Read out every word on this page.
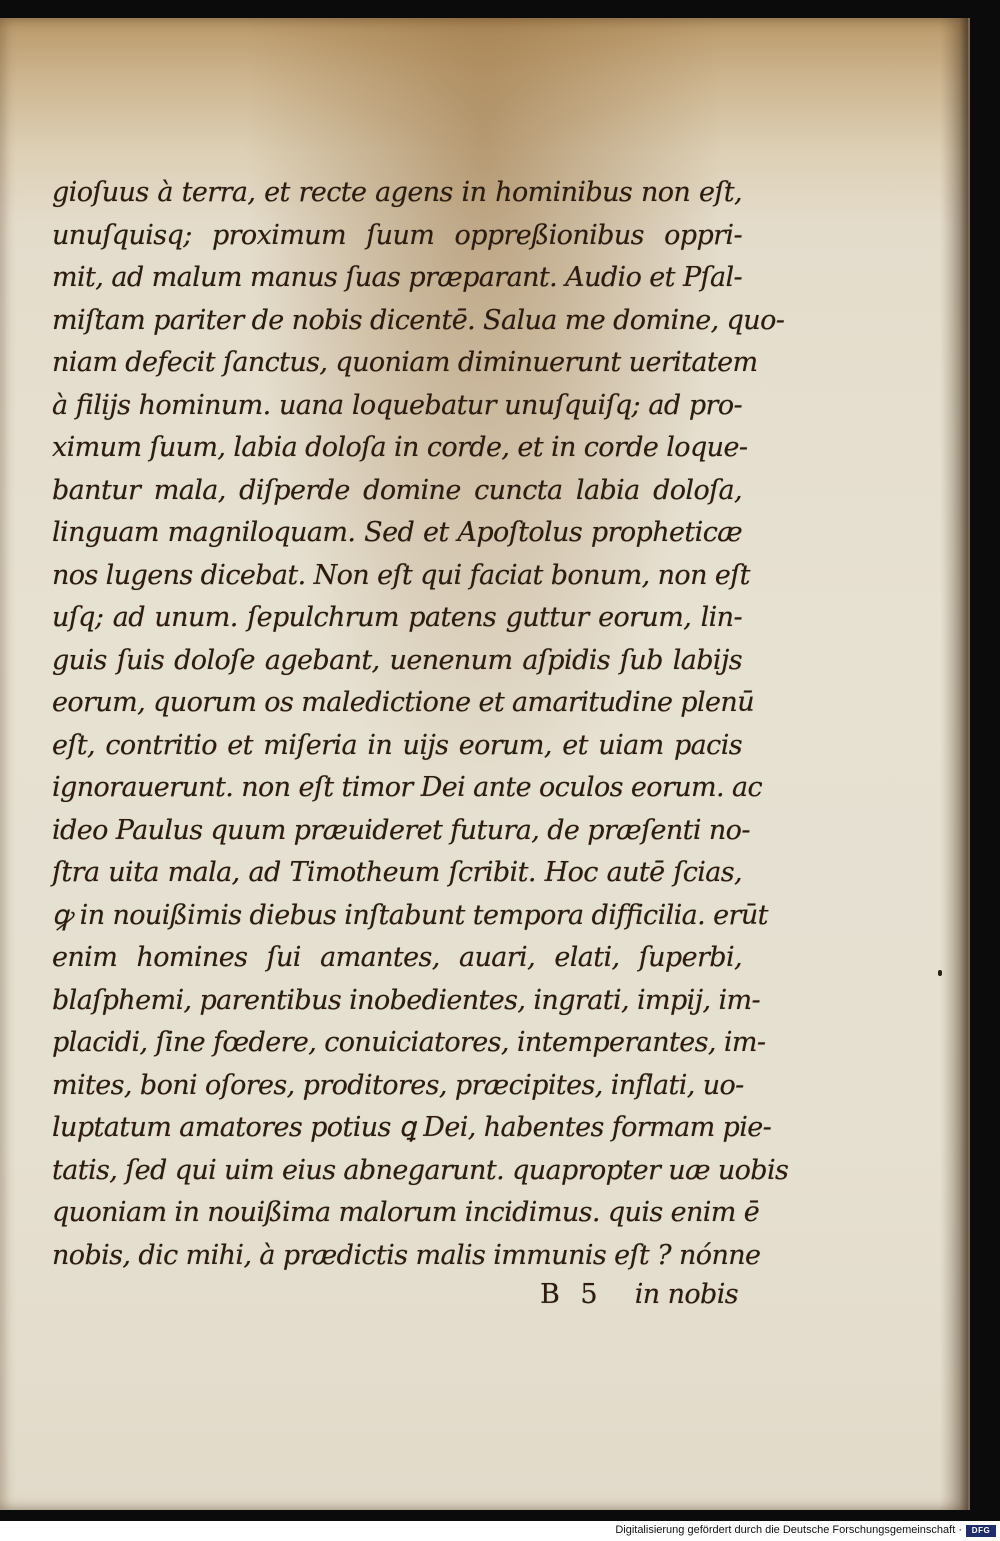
gioſuus à terra, et recte agens in hominibus non eſt,
unuſquisq; proximum ſuum oppreßionibus oppri-
mit, ad malum manus ſuas præparant. Audio et Pſal-
miſtam pariter de nobis dicentē. Salua me domine, quo-
niam defecit ſanctus, quoniam diminuerunt ueritatem
à filijs hominum. uana loquebatur unuſquiſq; ad pro-
ximum ſuum, labia doloſa in corde, et in corde loque-
bantur mala, diſperde domine cuncta labia doloſa,
linguam magniloquam. Sed et Apoſtolus propheticæ
nos lugens dicebat. Non eſt qui faciat bonum, non eſt
uſq; ad unum. ſepulchrum patens guttur eorum, lin-
guis ſuis doloſe agebant, uenenum aſpidis ſub labijs
eorum, quorum os maledictione et amaritudine plenū
eſt, contritio et miſeria in uijs eorum, et uiam pacis
ignorauerunt. non eſt timor Dei ante oculos eorum. ac
ideo Paulus quum præuideret futura, de præſenti no-
ſtra uita mala, ad Timotheum ſcribit. Hoc autē ſcias,
ꝙ in nouißimis diebus inſtabunt tempora difficilia. erūt
enim homines ſui amantes, auari, elati, ſuperbi,
blaſphemi, parentibus inobedientes, ingrati, impij, im-
placidi, ſine fœdere, conuiciatores, intemperantes, im-
mites, boni oſores, proditores, præcipites, inflati, uo-
luptatum amatores potius ꝗ Dei, habentes formam pie-
tatis, ſed qui uim eius abnegarunt. quapropter uæ uobis
quoniam in nouißima malorum incidimus. quis enim ē
nobis, dic mihi, à prædictis malis immunis eſt ? nónne
B 5 in nobis
Digitalisierung gefördert durch die Deutsche Forschungsgemeinschaft ·	DFG
